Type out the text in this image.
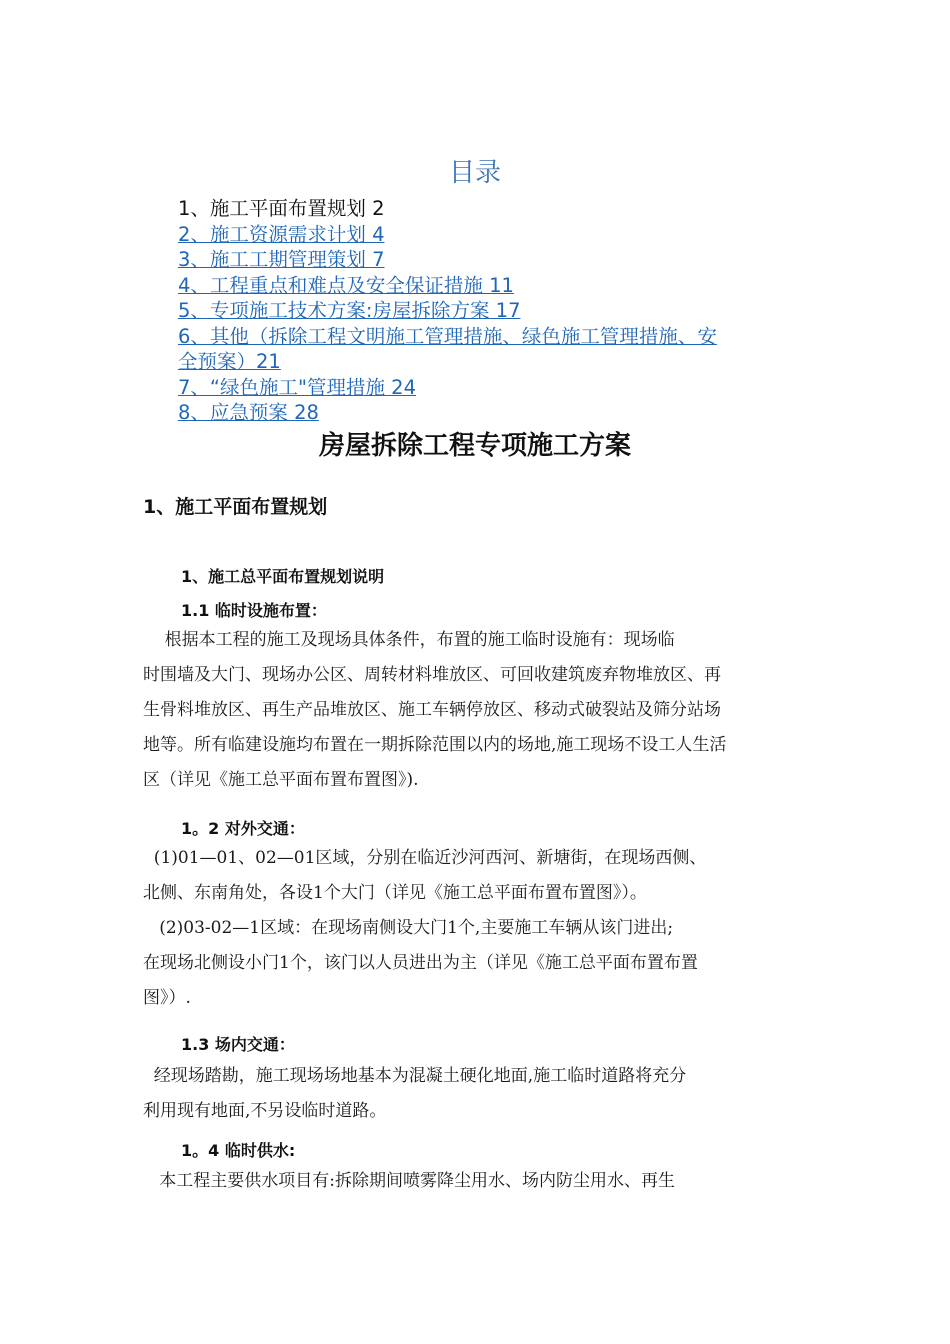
目录
1、施工平面布置规划 2
2、施工资源需求计划 4
3、施工工期管理策划 7
4、工程重点和难点及安全保证措施 11
5、专项施工技术方案:房屋拆除方案 17
6、其他（拆除工程文明施工管理措施、绿色施工管理措施、安
全预案）21
7、“绿色施工"管理措施 24
8、应急预案 28
房屋拆除工程专项施工方案
1、施工平面布置规划
1、施工总平面布置规划说明
1.1 临时设施布置：
根据本工程的施工及现场具体条件，布置的施工临时设施有：现场临
时围墙及大门、现场办公区、周转材料堆放区、可回收建筑废弃物堆放区、再
生骨料堆放区、再生产品堆放区、施工车辆停放区、移动式破裂站及筛分站场
地等。所有临建设施均布置在一期拆除范围以内的场地,施工现场不设工人生活
区（详见《施工总平面布置布置图》).
1。2 对外交通：
(1)01—01、02—01区域，分别在临近沙河西河、新塘街，在现场西侧、
北侧、东南角处，各设1个大门（详见《施工总平面布置布置图》）。
(2)03-02—1区域：在现场南侧设大门1个,主要施工车辆从该门进出;
在现场北侧设小门1个，该门以人员进出为主（详见《施工总平面布置布置
图》）.
1.3 场内交通：
经现场踏勘，施工现场场地基本为混凝土硬化地面,施工临时道路将充分
利用现有地面,不另设临时道路。
1。4 临时供水:
本工程主要供水项目有:拆除期间喷雾降尘用水、场内防尘用水、再生
